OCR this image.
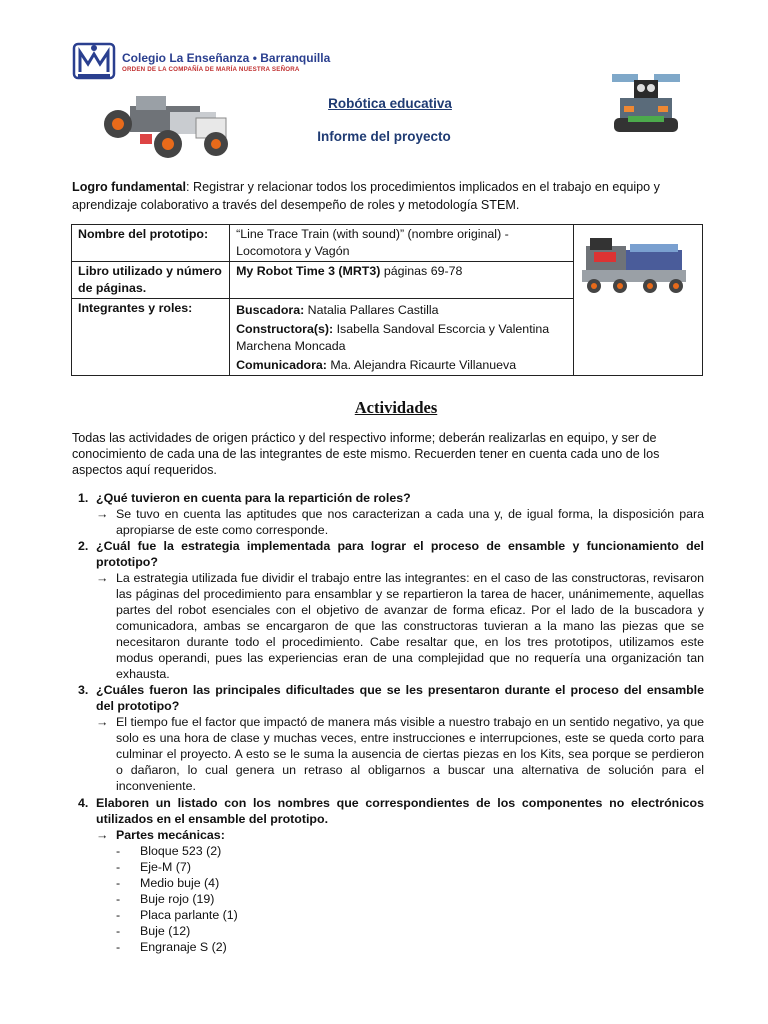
Colegio La Enseñanza • Barranquilla
ORDEN DE LA COMPAÑÍA DE MARÍA NUESTRA SEÑORA
Robótica educativa
Informe del proyecto
Logro fundamental: Registrar y relacionar todos los procedimientos implicados en el trabajo en equipo y aprendizaje colaborativo a través del desempeño de roles y metodología STEM.
Nombre del prototipo:	“Line Trace Train (with sound)” (nombre original) - Locomotora y Vagón	
Libro utilizado y número de páginas.	My Robot Time 3 (MRT3) páginas 69-78	
Integrantes y roles:	Buscadora: Natalia Pallares Castilla
Constructora(s): Isabella Sandoval Escorcia y Valentina Marchena Moncada
Comunicadora: Ma. Alejandra Ricaurte Villanueva	
Actividades
Todas las actividades de origen práctico y del respectivo informe; deberán realizarlas en equipo, y ser de conocimiento de cada una de las integrantes de este mismo. Recuerden tener en cuenta cada uno de los aspectos aquí requeridos.
1. ¿Qué tuvieron en cuenta para la repartición de roles?
→ Se tuvo en cuenta las aptitudes que nos caracterizan a cada una y, de igual forma, la disposición para apropiarse de este como corresponde.
2. ¿Cuál fue la estrategia implementada para lograr el proceso de ensamble y funcionamiento del prototipo?
→ La estrategia utilizada fue dividir el trabajo entre las integrantes: en el caso de las constructoras, revisaron las páginas del procedimiento para ensamblar y se repartieron la tarea de hacer, unánimemente, aquellas partes del robot esenciales con el objetivo de avanzar de forma eficaz. Por el lado de la buscadora y comunicadora, ambas se encargaron de que las constructoras tuvieran a la mano las piezas que se necesitaron durante todo el procedimiento. Cabe resaltar que, en los tres prototipos, utilizamos este modus operandi, pues las experiencias eran de una complejidad que no requería una organización tan exhausta.
3. ¿Cuáles fueron las principales dificultades que se les presentaron durante el proceso del ensamble del prototipo?
→ El tiempo fue el factor que impactó de manera más visible a nuestro trabajo en un sentido negativo, ya que solo es una hora de clase y muchas veces, entre instrucciones e interrupciones, este se queda corto para culminar el proyecto. A esto se le suma la ausencia de ciertas piezas en los Kits, sea porque se perdieron o dañaron, lo cual genera un retraso al obligarnos a buscar una alternativa de solución para el inconveniente.
4. Elaboren un listado con los nombres que correspondientes de los componentes no electrónicos utilizados en el ensamble del prototipo.
→ Partes mecánicas:
- Bloque 523 (2)
- Eje-M (7)
- Medio buje (4)
- Buje rojo (19)
- Placa parlante (1)
- Buje (12)
- Engranaje S (2)
